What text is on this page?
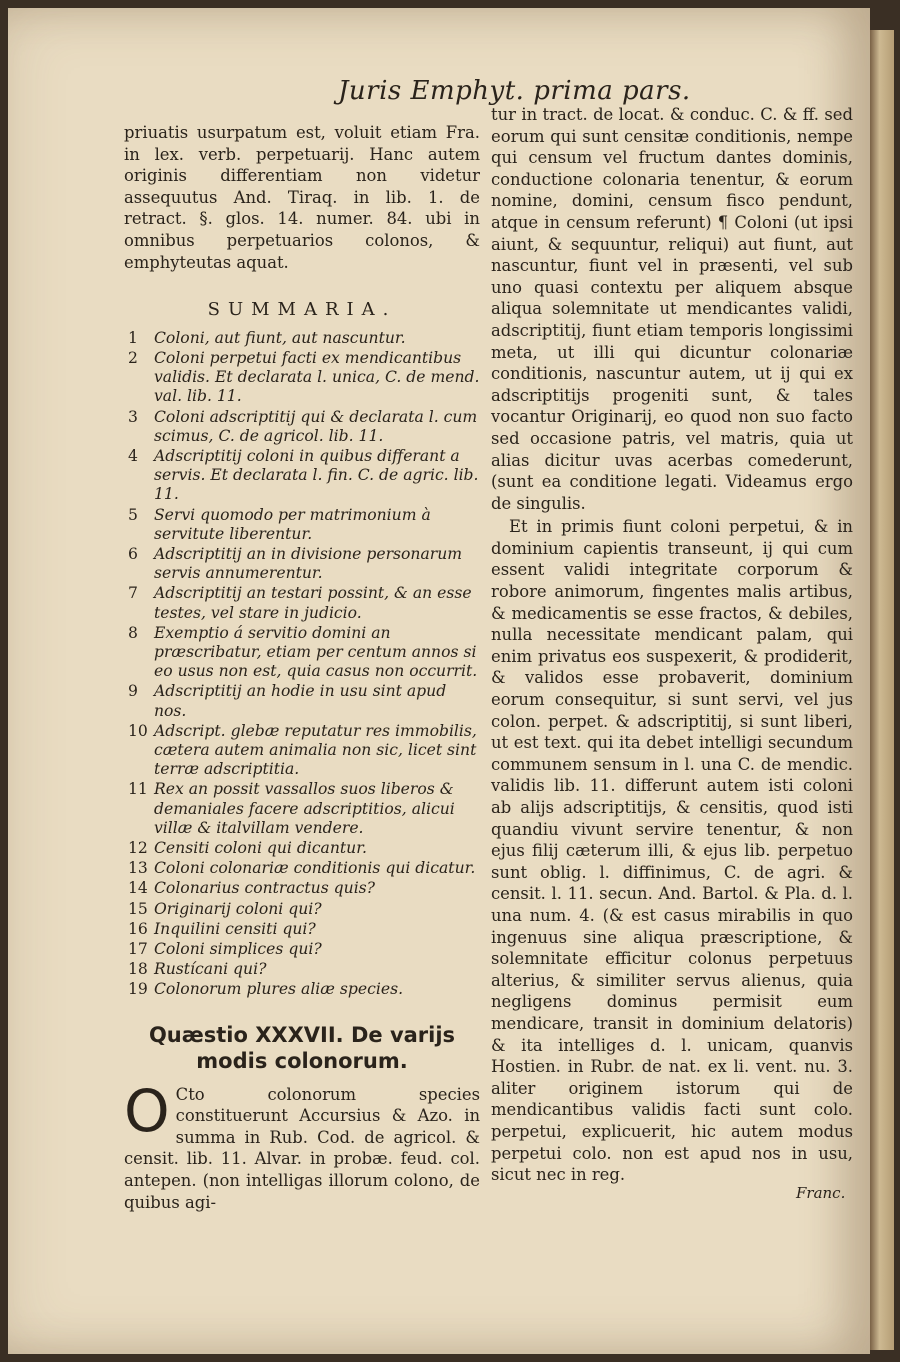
Juris Emphyt. prima pars.

priuatis usurpatum est, voluit etiam Fra. in lex. verb. perpetuarij. Hanc autem originis differentiam non videtur assequutus And. Tiraq. in lib. 1. de retract. §. glos. 14. numer. 84. ubi in omnibus perpetuarios colonos, & emphyteutas aquat.

SUMMARIA.
1	Coloni, aut fiunt, aut nascuntur.
2	Coloni perpetui facti ex mendicantibus validis. Et declarata l. unica, C. de mend. val. lib. 11.
3	Coloni adscriptitij qui & declarata l. cum scimus, C. de agricol. lib. 11.
4	Adscriptitij coloni in quibus differant a servis. Et declarata l. fin. C. de agric. lib. 11.
5	Servi quomodo per matrimonium à servitute liberentur.
6	Adscriptitij an in divisione personarum servis annumerentur.
7	Adscriptitij an testari possint, & an esse testes, vel stare in judicio.
8	Exemptio á servitio domini an præscribatur, etiam per centum annos si eo usus non est, quia casus non occurrit.
9	Adscriptitij an hodie in usu sint apud nos.
10 Adscript. glebæ reputatur res immobilis, cætera autem animalia non sic, licet sint terræ adscriptitia.
11 Rex an possit vassallos suos liberos & demaniales facere adscriptitios, alicui villæ & italvillam vendere.
12 Censiti coloni qui dicantur.
13 Coloni colonariæ conditionis qui dicatur.
14 Colonarius contractus quis?
15 Originarij coloni qui?
16 Inquilini censiti qui?
17 Coloni simplices qui?
18 Rustícani qui?
19 Colonorum plures aliæ species.
Quæstio XXXVII. De varijs modis colonorum.

O Cto colonorum species constituerunt Accursius & Azo. in summa in Rub. Cod. de agricol. & censit. lib. 11. Alvar. in probæ. feud. col. antepen. (non intelligas illorum colono, de quibus agi-

tur in tract. de locat. & conduc. C. & ff. sed eorum qui sunt censitæ conditionis, nempe qui censum vel fructum dantes dominis, conductione colonaria tenentur, & eorum nomine, domini, censum fisco pendunt, atque in censum referunt) ¶ Coloni (ut ipsi aiunt, & sequuntur, reliqui) aut fiunt, aut nascuntur, fiunt vel in præsenti, vel sub uno quasi contextu per aliquem absque aliqua solemnitate ut mendicantes validi, adscriptitij, fiunt etiam temporis longissimi meta, ut illi qui dicuntur colonariæ conditionis, nascuntur autem, ut ij qui ex adscriptitijs progeniti sunt, & tales vocantur Originarij, eo quod non suo facto sed occasione patris, vel matris, quia ut alias dicitur uvas acerbas comederunt, (sunt ea conditione legati. Videamus ergo de singulis.

Et in primis fiunt coloni perpetui, & in dominium capientis transeunt, ij qui cum essent validi integritate corporum & robore animorum, fingentes malis artibus, & medicamentis se esse fractos, & debiles, nulla necessitate mendicant palam, qui enim privatus eos suspexerit, & prodiderit, & validos esse probaverit, dominium eorum consequitur, si sunt servi, vel jus colon. perpet. & adscriptitij, si sunt liberi, ut est text. qui ita debet intelligi secundum communem sensum in l. una C. de mendic. validis lib. 11. differunt autem isti coloni ab alijs adscriptitijs, & censitis, quod isti quandiu vivunt servire tenentur, & non ejus filij cæterum illi, & ejus lib. perpetuo sunt oblig. l. diffinimus, C. de agri. & censit. l. 11. secun. And. Bartol. & Pla. d. l. una num. 4. (& est casus mirabilis in quo ingenuus sine aliqua præscriptione, & solemnitate efficitur colonus perpetuus alterius, & similiter servus alienus, quia negligens dominus permisit eum mendicare, transit in dominium delatoris) & ita intelliges d. l. unicam, quanvis Hostien. in Rubr. de nat. ex li. vent. nu. 3. aliter originem istorum qui de mendicantibus validis facti sunt colo. perpetui, explicuerit, hic autem modus perpetui colo. non est apud nos in usu, sicut nec in reg.

Franc.
